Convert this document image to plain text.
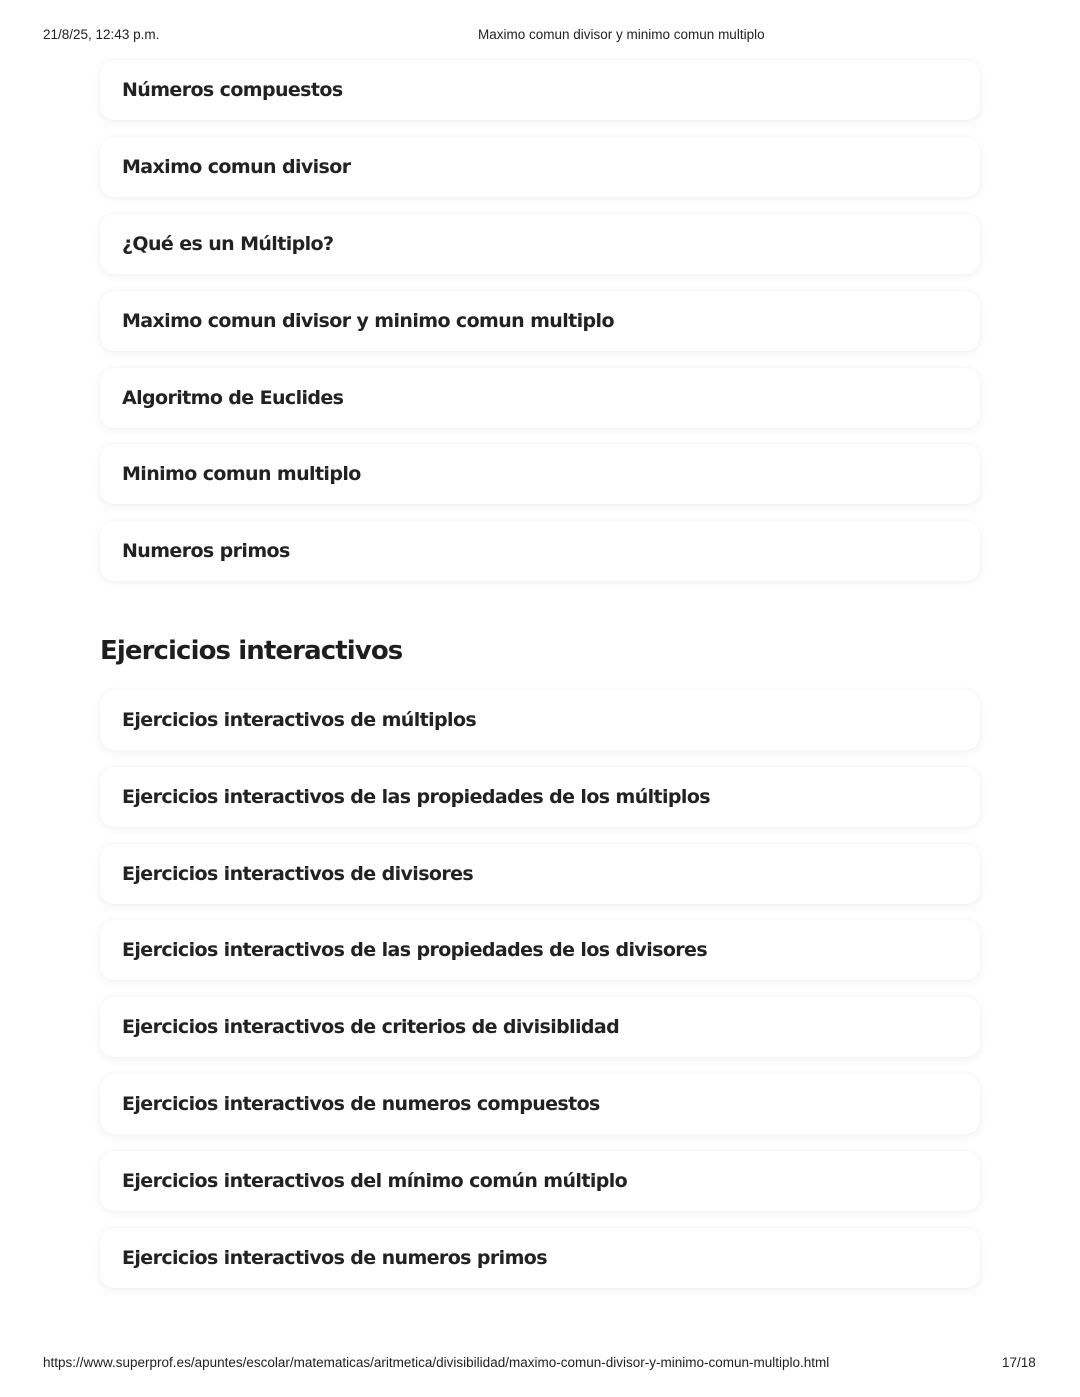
21/8/25, 12:43 p.m.	Maximo comun divisor y minimo comun multiplo
Números compuestos
Maximo comun divisor
¿Qué es un Múltiplo?
Maximo comun divisor y minimo comun multiplo
Algoritmo de Euclides
Minimo comun multiplo
Numeros primos
Ejercicios interactivos
Ejercicios interactivos de múltiplos
Ejercicios interactivos de las propiedades de los múltiplos
Ejercicios interactivos de divisores
Ejercicios interactivos de las propiedades de los divisores
Ejercicios interactivos de criterios de divisiblidad
Ejercicios interactivos de numeros compuestos
Ejercicios interactivos del mínimo común múltiplo
Ejercicios interactivos de numeros primos
https://www.superprof.es/apuntes/escolar/matematicas/aritmetica/divisibilidad/maximo-comun-divisor-y-minimo-comun-multiplo.html	17/18
